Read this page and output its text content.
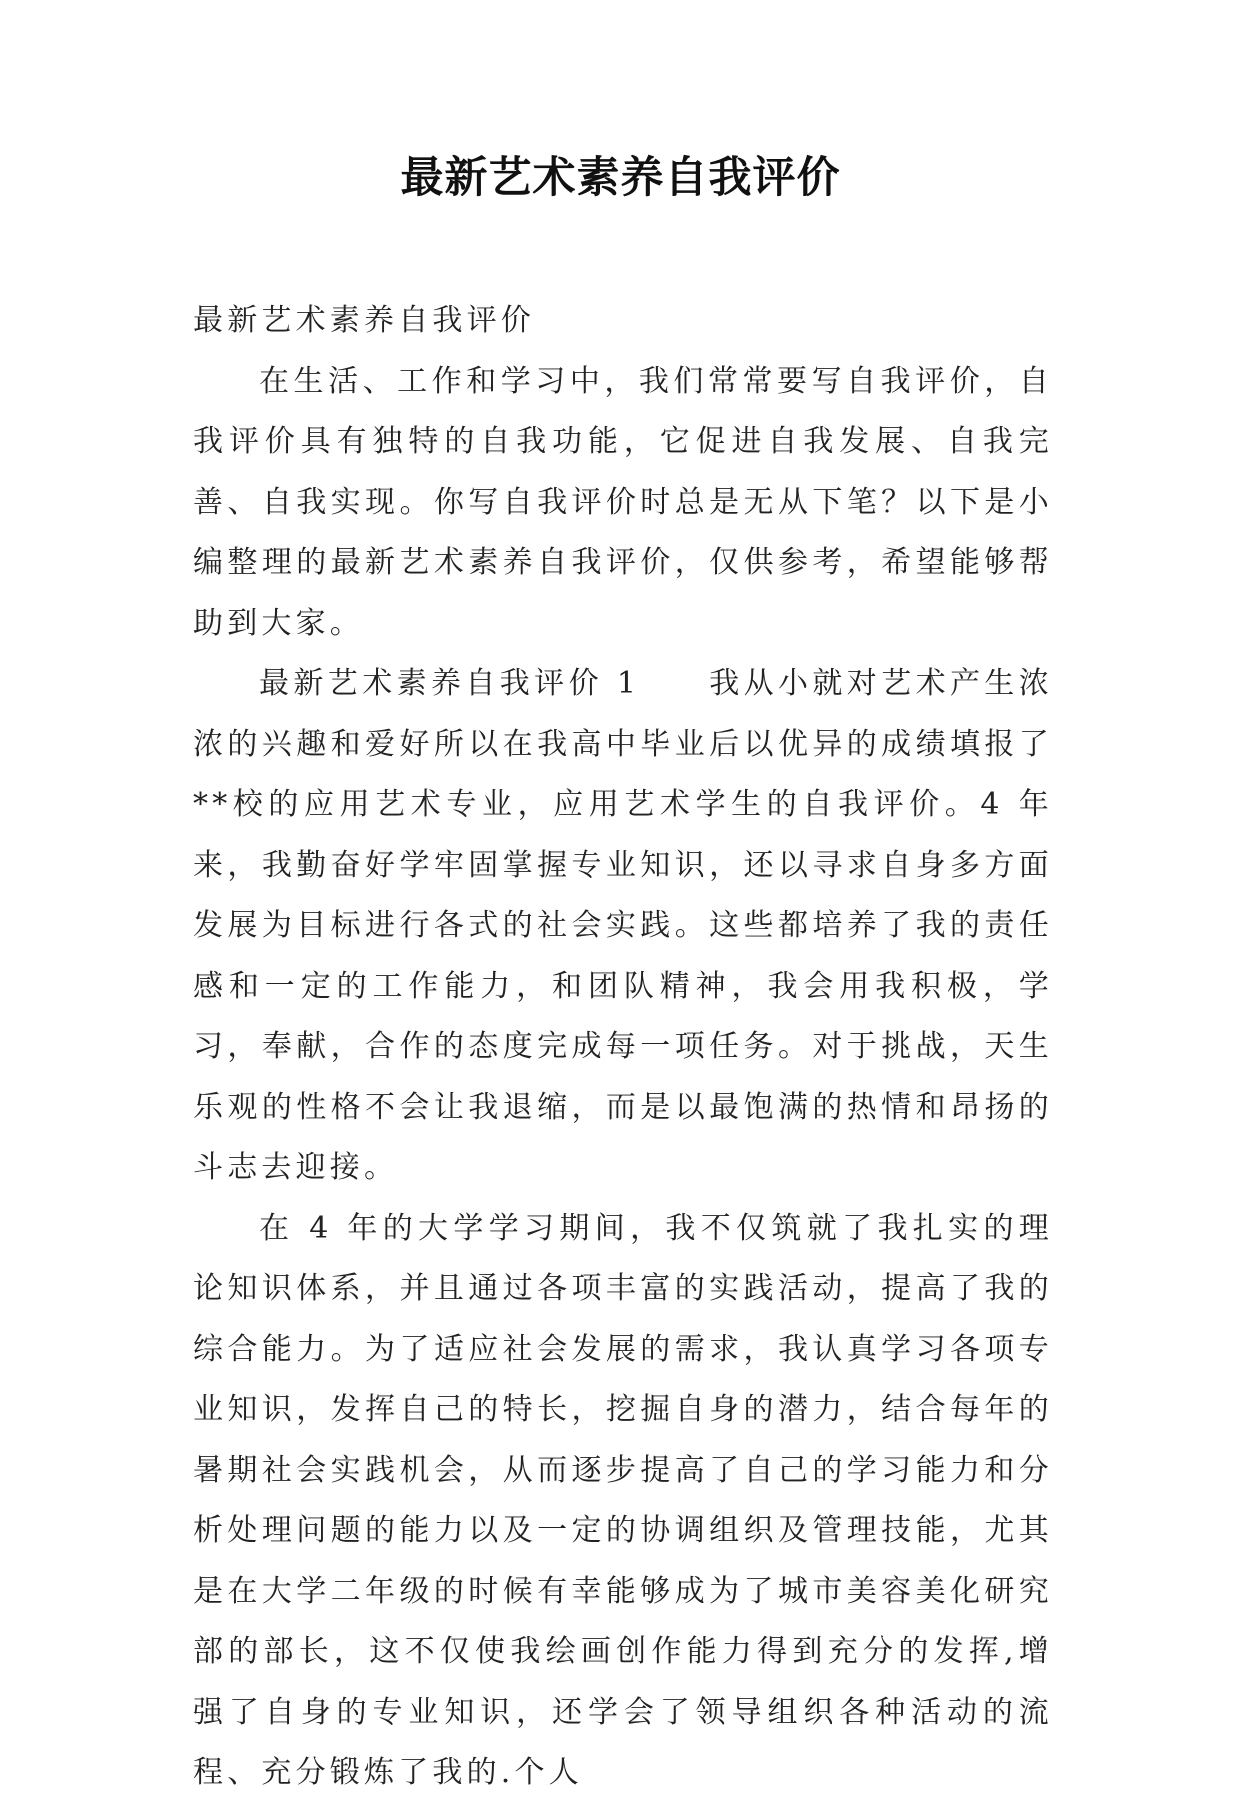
最新艺术素养自我评价

最新艺术素养自我评价

在生活、工作和学习中，我们常常要写自我评价，自我评价具有独特的自我功能，它促进自我发展、自我完善、自我实现。你写自我评价时总是无从下笔？以下是小编整理的最新艺术素养自我评价，仅供参考，希望能够帮助到大家。

最新艺术素养自我评价 1　　我从小就对艺术产生浓浓的兴趣和爱好所以在我高中毕业后以优异的成绩填报了**校的应用艺术专业，应用艺术学生的自我评价。4 年来，我勤奋好学牢固掌握专业知识，还以寻求自身多方面发展为目标进行各式的社会实践。这些都培养了我的责任感和一定的工作能力，和团队精神，我会用我积极，学习，奉献，合作的态度完成每一项任务。对于挑战，天生乐观的性格不会让我退缩，而是以最饱满的热情和昂扬的斗志去迎接。

在 4 年的大学学习期间，我不仅筑就了我扎实的理论知识体系，并且通过各项丰富的实践活动，提高了我的综合能力。为了适应社会发展的需求，我认真学习各项专业知识，发挥自己的特长，挖掘自身的潜力，结合每年的暑期社会实践机会，从而逐步提高了自己的学习能力和分析处理问题的能力以及一定的协调组织及管理技能，尤其是在大学二年级的时候有幸能够成为了城市美容美化研究部的部长，这不仅使我绘画创作能力得到充分的发挥,增强了自身的专业知识，还学会了领导组织各种活动的流程、充分锻炼了我的.个人
